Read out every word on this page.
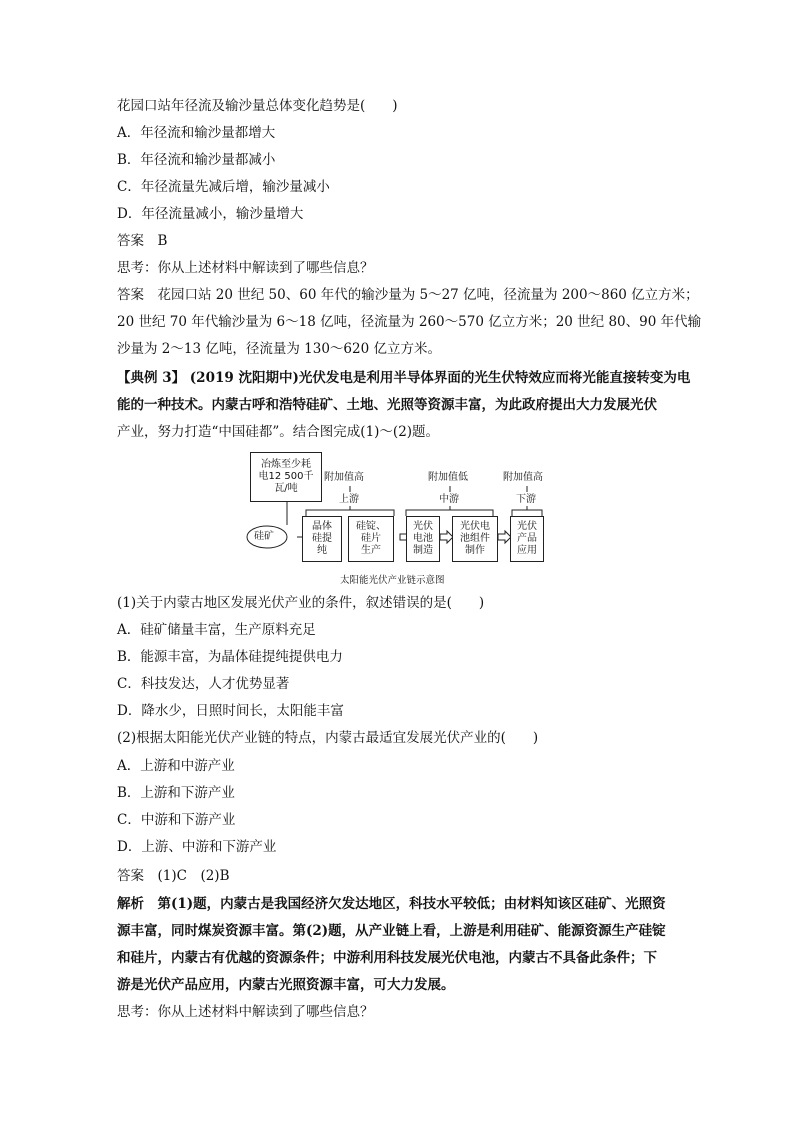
花园口站年径流及输沙量总体变化趋势是(　　)
A．年径流和输沙量都增大
B．年径流和输沙量都减小
C．年径流量先减后增，输沙量减小
D．年径流量减小，输沙量增大
答案　B
思考：你从上述材料中解读到了哪些信息？
答案　花园口站 20 世纪 50、60 年代的输沙量为 5～27 亿吨，径流量为 200～860 亿立方米；
20 世纪 70 年代输沙量为 6～18 亿吨，径流量为 260～570 亿立方米；20 世纪 80、90 年代输
沙量为 2～13 亿吨，径流量为 130～620 亿立方米。
【典例 3】 (2019 沈阳期中)光伏发电是利用半导体界面的光生伏特效应而将光能直接转变为电
能的一种技术。内蒙古呼和浩特硅矿、土地、光照等资源丰富，为此政府提出大力发展光伏
产业，努力打造“中国硅都”。结合图完成(1)～(2)题。
冶炼至少耗
电12 500千
瓦/吨
硅矿
附加值高	附加值低	附加值高
上游	中游	下游
晶体
硅提
纯
硅锭、
硅片
生产
光伏
电池
制造
光伏电
池组件
制作
光伏
产品
应用
太阳能光伏产业链示意图
(1)关于内蒙古地区发展光伏产业的条件，叙述错误的是(　　)
A．硅矿储量丰富，生产原料充足
B．能源丰富，为晶体硅提纯提供电力
C．科技发达，人才优势显著
D．降水少，日照时间长，太阳能丰富
(2)根据太阳能光伏产业链的特点，内蒙古最适宜发展光伏产业的(　　)
A．上游和中游产业
B．上游和下游产业
C．中游和下游产业
D．上游、中游和下游产业
答案　(1)C　(2)B
解析　第(1)题，内蒙古是我国经济欠发达地区，科技水平较低；由材料知该区硅矿、光照资
源丰富，同时煤炭资源丰富。第(2)题，从产业链上看，上游是利用硅矿、能源资源生产硅锭
和硅片，内蒙古有优越的资源条件；中游利用科技发展光伏电池，内蒙古不具备此条件；下
游是光伏产品应用，内蒙古光照资源丰富，可大力发展。
思考：你从上述材料中解读到了哪些信息？
